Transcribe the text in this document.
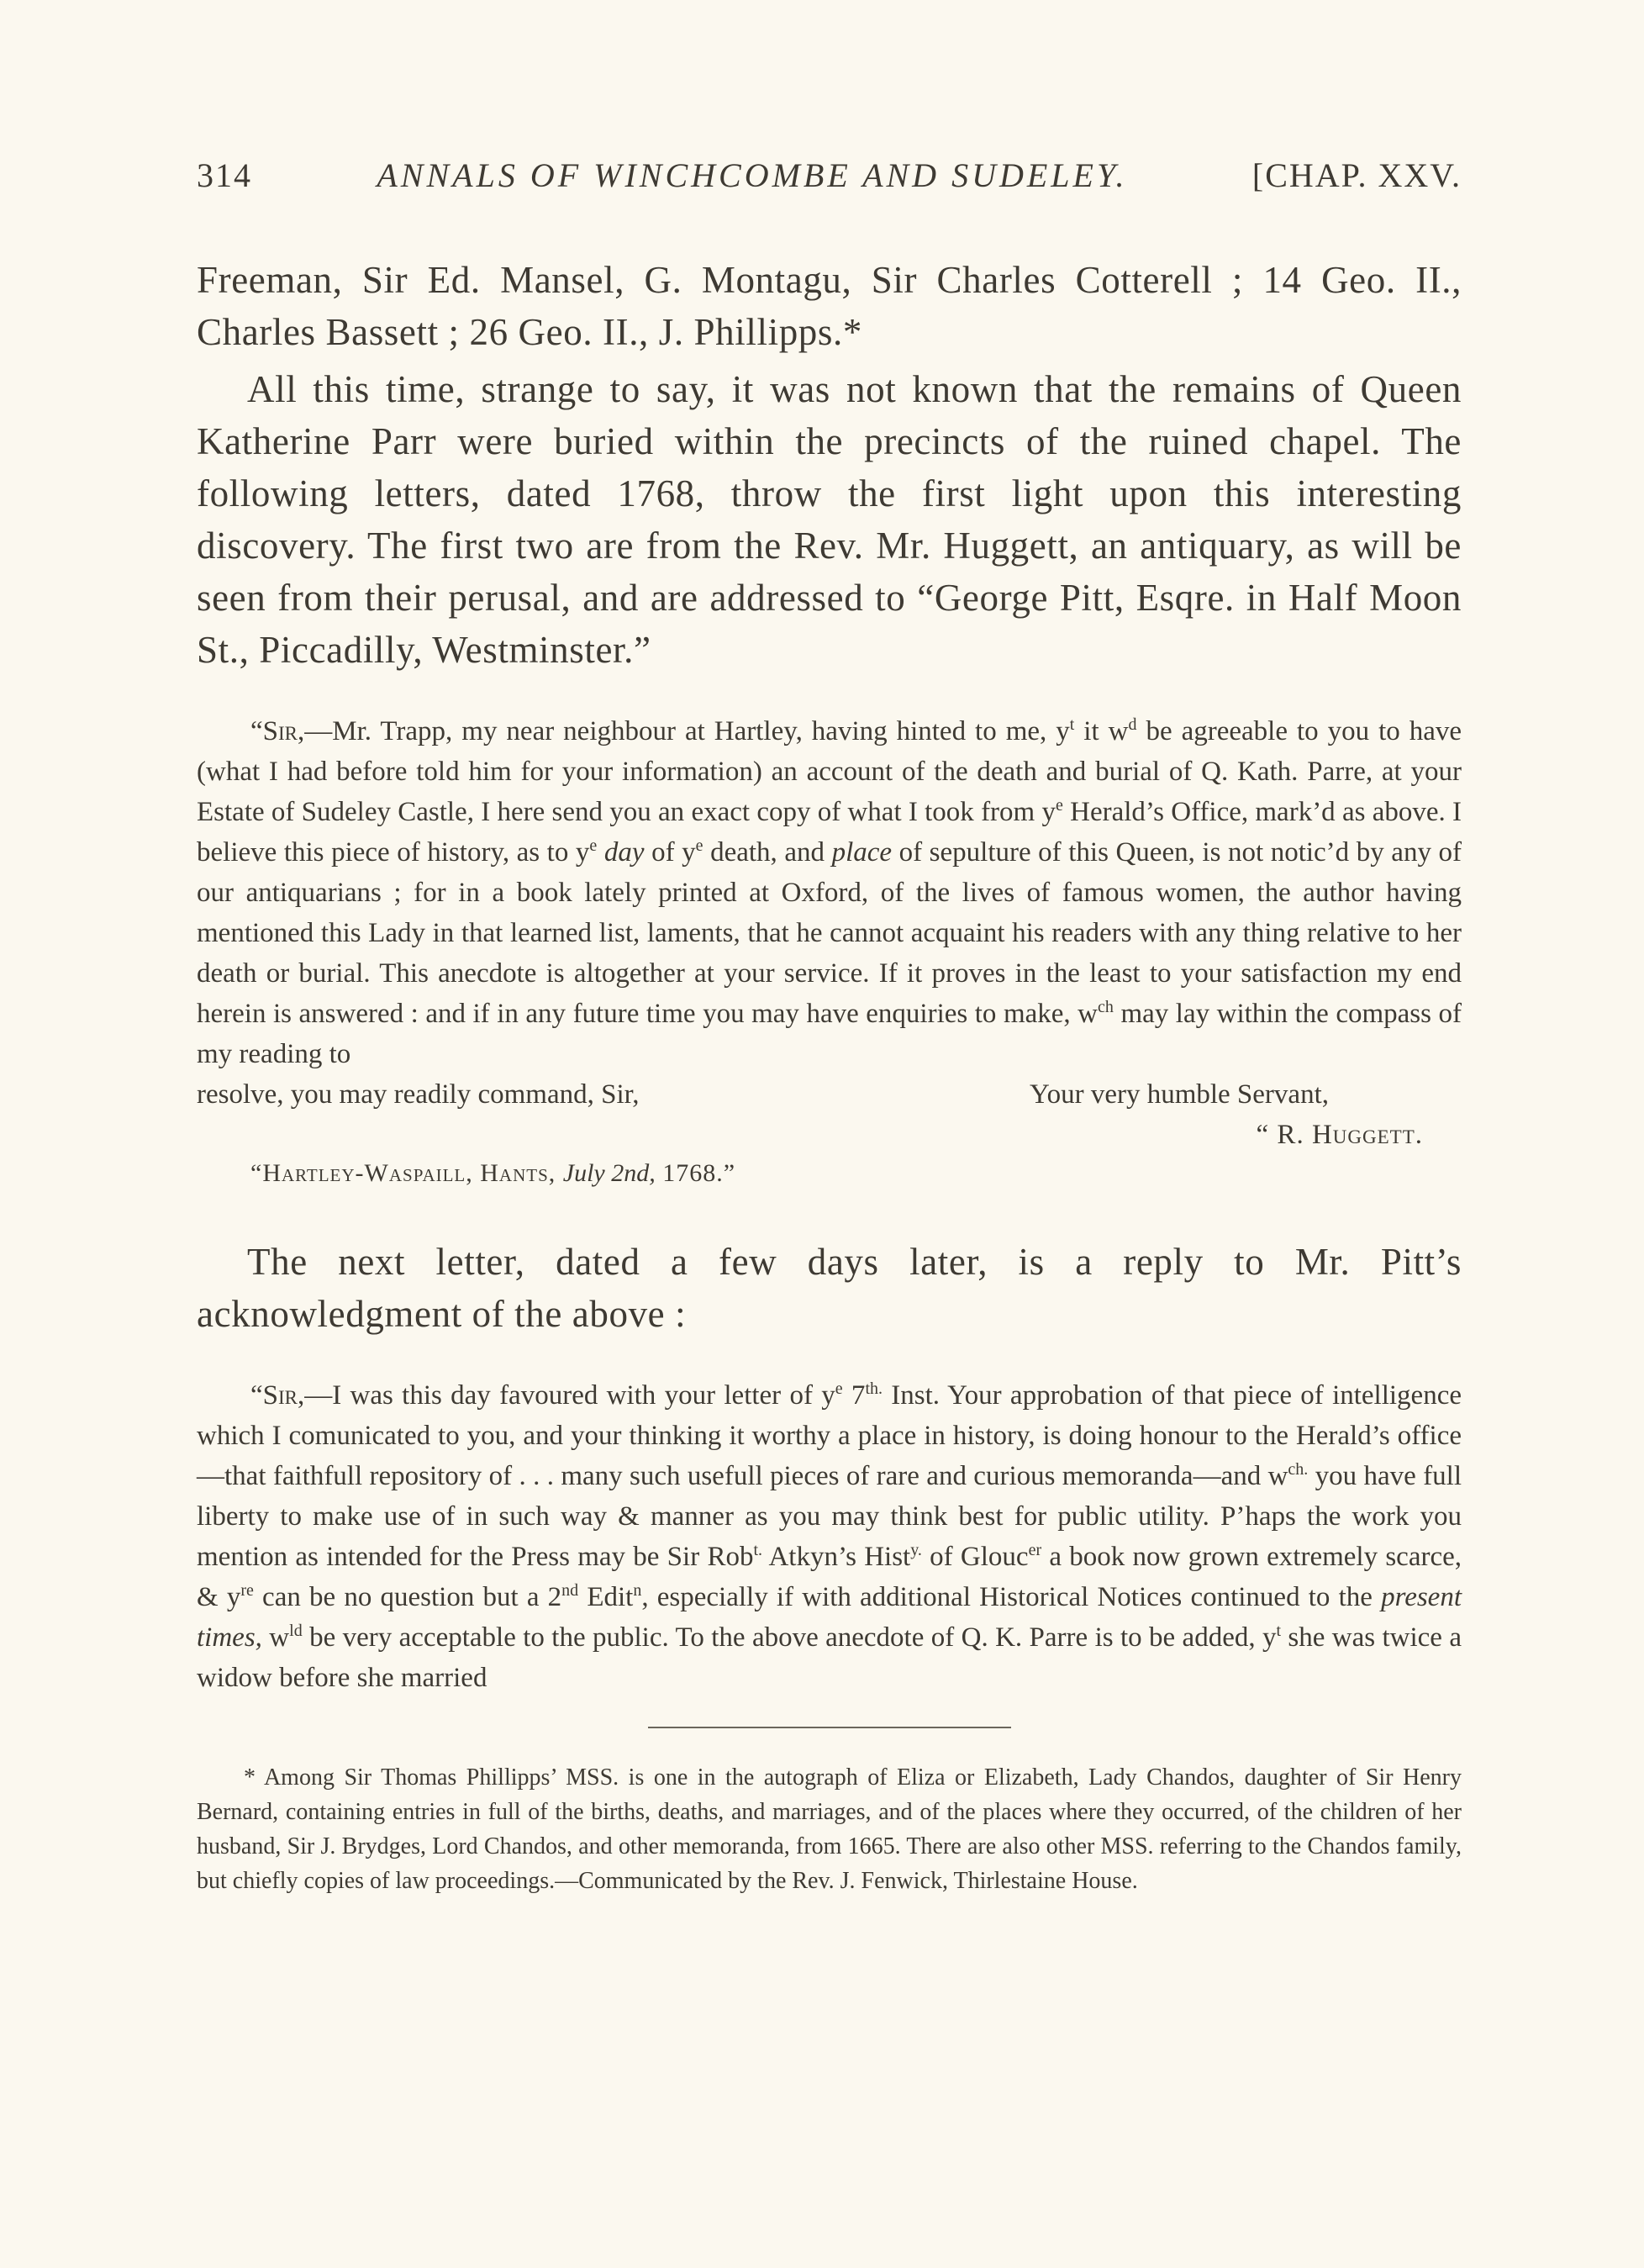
314	ANNALS OF WINCHCOMBE AND SUDELEY.	[CHAP. XXV.

Freeman, Sir Ed. Mansel, G. Montagu, Sir Charles Cotterell ; 14 Geo. II., Charles Bassett ; 26 Geo. II., J. Phillipps.*

All this time, strange to say, it was not known that the remains of Queen Katherine Parr were buried within the precincts of the ruined chapel. The following letters, dated 1768, throw the first light upon this interesting discovery. The first two are from the Rev. Mr. Huggett, an antiquary, as will be seen from their perusal, and are addressed to “George Pitt, Esqre. in Half Moon St., Piccadilly, Westminster.”

“Sir,—Mr. Trapp, my near neighbour at Hartley, having hinted to me, $y^t$ it $w^d$ be agreeable to you to have (what I had before told him for your information) an account of the death and burial of Q. Kath. Parre, at your Estate of Sudeley Castle, I here send you an exact copy of what I took from $y^e$ Herald’s Office, mark’d as above. I believe this piece of history, as to $y^e$ day of $y^e$ death, and place of sepulture of this Queen, is not notic’d by any of our antiquarians ; for in a book lately printed at Oxford, of the lives of famous women, the author having mentioned this Lady in that learned list, laments, that he cannot acquaint his readers with any thing relative to her death or burial. This anecdote is altogether at your service. If it proves in the least to your satisfaction my end herein is answered : and if in any future time you may have enquiries to make, $w^{ch}$ may lay within the compass of my reading to

resolve, you may readily command, Sir,	Your very humble Servant,
“ R. Huggett.
“Hartley-Waspaill, Hants, July 2nd, 1768.”

The next letter, dated a few days later, is a reply to Mr. Pitt’s acknowledgment of the above :

“Sir,—I was this day favoured with your letter of $y^e$ $7^{th.}$ Inst. Your approbation of that piece of intelligence which I comunicated to you, and your thinking it worthy a place in history, is doing honour to the Herald’s office—that faithfull repository of . . . many such usefull pieces of rare and curious memoranda—and $w^{ch.}$ you have full liberty to make use of in such way & manner as you may think best for public utility. P’haps the work you mention as intended for the Press may be Sir Rob$^{t.}$ Atkyn’s Hist$^{y.}$ of Glouc$^{er}$ a book now grown extremely scarce, & $y^{re}$ can be no question but a 2nd Edit$^n$, especially if with additional Historical Notices continued to the present times, $w^{ld}$ be very acceptable to the public. To the above anecdote of Q. K. Parre is to be added, $y^t$ she was twice a widow before she married

* Among Sir Thomas Phillipps’ MSS. is one in the autograph of Eliza or Elizabeth, Lady Chandos, daughter of Sir Henry Bernard, containing entries in full of the births, deaths, and marriages, and of the places where they occurred, of the children of her husband, Sir J. Brydges, Lord Chandos, and other memoranda, from 1665. There are also other MSS. referring to the Chandos family, but chiefly copies of law proceedings.—Communicated by the Rev. J. Fenwick, Thirlestaine House.
